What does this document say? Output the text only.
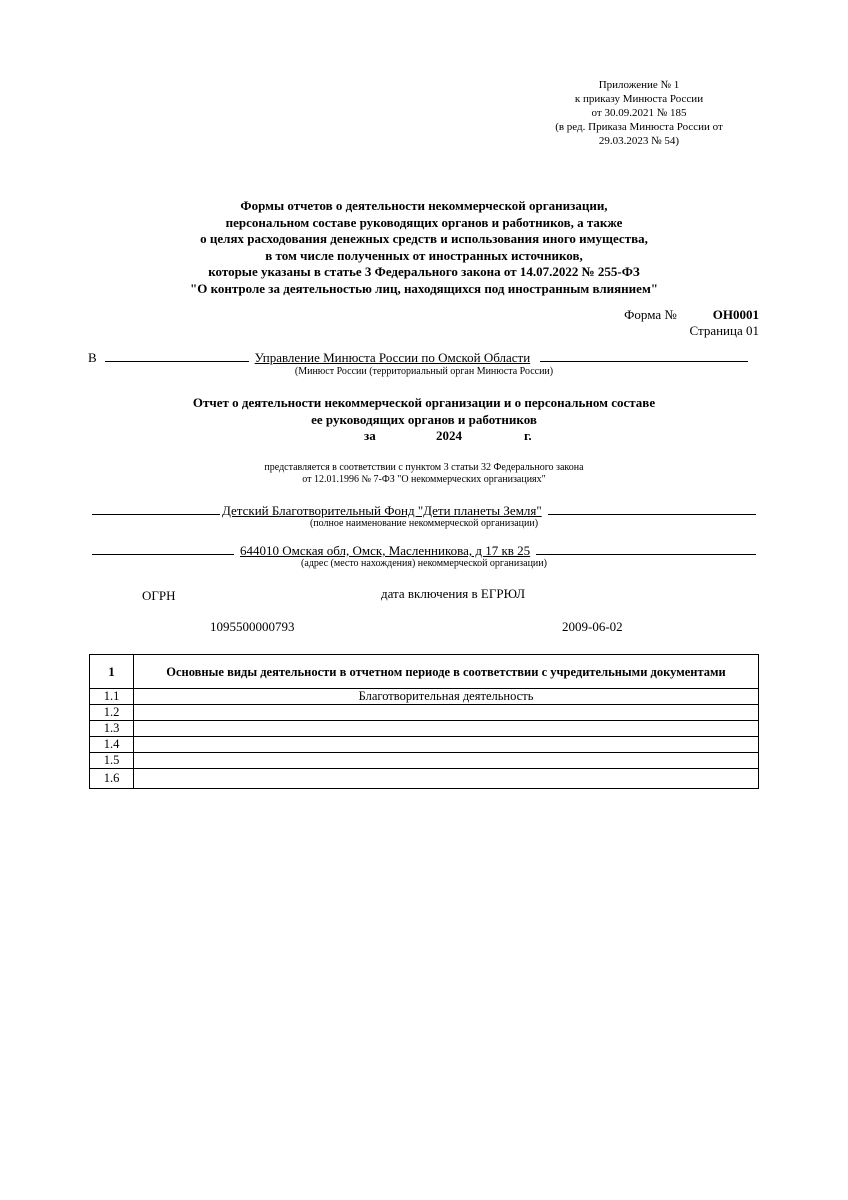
Приложение № 1
к приказу Минюста России
от 30.09.2021 № 185
(в ред. Приказа Минюста России от
29.03.2023 № 54)
Формы отчетов о деятельности некоммерческой организации,
персональном составе руководящих органов и работников, а также
о целях расходования денежных средств и использования иного имущества,
в том числе полученных от иностранных источников,
которые указаны в статье 3 Федерального закона от 14.07.2022 № 255-ФЗ
"О контроле за деятельностью лиц, находящихся под иностранным влиянием"
Форма №	ОН0001
Страница 01
В	Управление Минюста России по Омской Области
(Минюст России (территориальный орган Минюста России)
Отчет о деятельности некоммерческой организации и о персональном составе
ее руководящих органов и работников
за	2024	г.
представляется в соответствии с пунктом 3 статьи 32 Федерального закона
от 12.01.1996 № 7-ФЗ "О некоммерческих организациях"
Детский Благотворительный Фонд "Дети планеты Земля"
(полное наименование некоммерческой организации)
644010 Омская обл, Омск, Масленникова, д 17 кв 25
(адрес (место нахождения) некоммерческой организации)
ОГРН	дата включения в ЕГРЮЛ
1095500000793	2009-06-02
1	Основные виды деятельности в отчетном периоде в соответствии с учредительными документами
1.1	Благотворительная деятельность
1.2	
1.3	
1.4	
1.5	
1.6	
